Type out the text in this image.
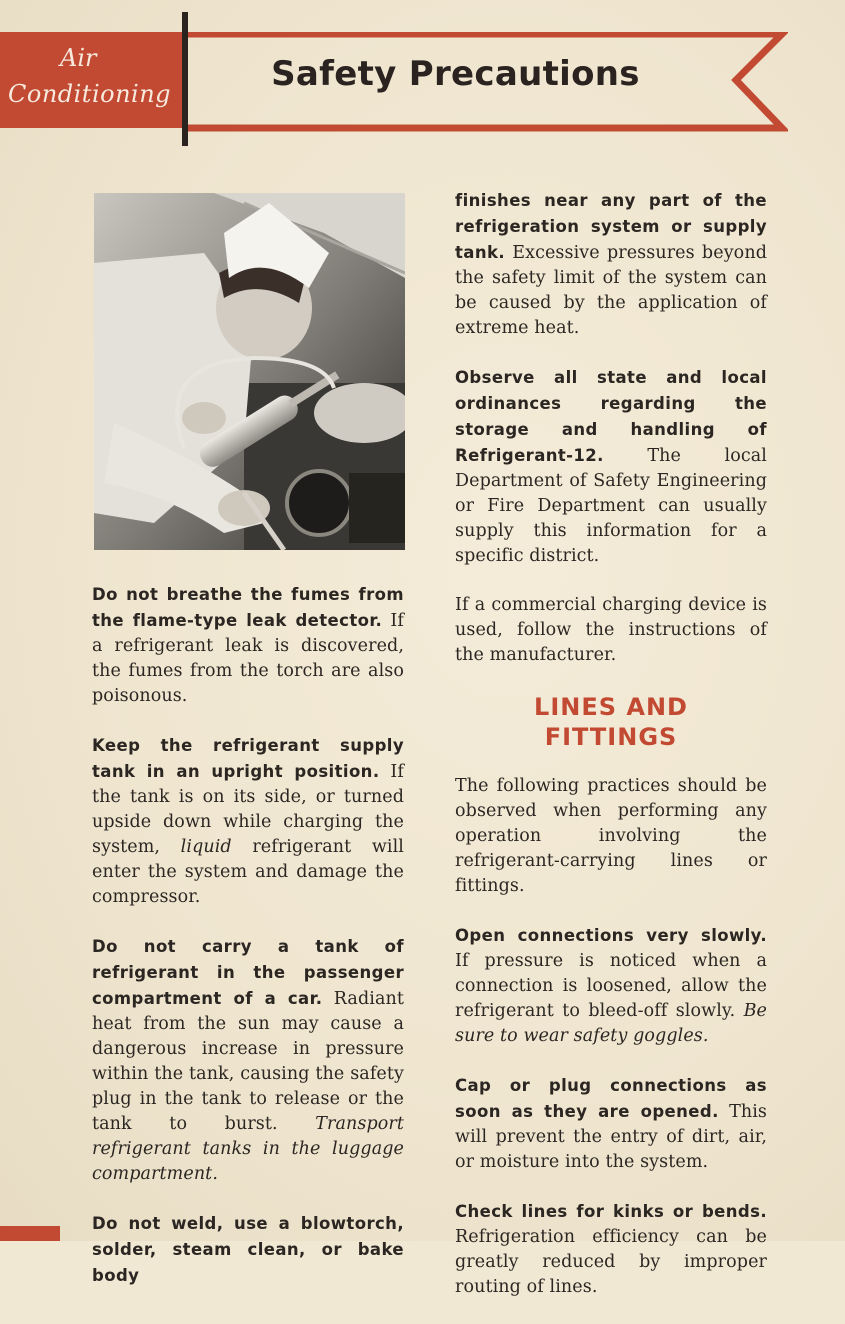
Air
Conditioning	Safety Precautions

Do not breathe the fumes from the flame-type leak detector. If a refrigerant leak is discovered, the fumes from the torch are also poisonous.

Keep the refrigerant supply tank in an upright position. If the tank is on its side, or turned upside down while charging the system, liquid refrigerant will enter the system and damage the compressor.

Do not carry a tank of refrigerant in the passenger compartment of a car. Radiant heat from the sun may cause a dangerous increase in pressure within the tank, causing the safety plug in the tank to release or the tank to burst. Transport refrigerant tanks in the luggage compartment.

Do not weld, use a blowtorch, solder, steam clean, or bake body

finishes near any part of the refrigeration system or supply tank. Excessive pressures beyond the safety limit of the system can be caused by the application of extreme heat.

Observe all state and local ordinances regarding the storage and handling of Refrigerant-12. The local Department of Safety Engineering or Fire Department can usually supply this information for a specific district.

If a commercial charging device is used, follow the instructions of the manufacturer.

LINES AND
FITTINGS

The following practices should be observed when performing any operation involving the refrigerant-carrying lines or fittings.

Open connections very slowly. If pressure is noticed when a connection is loosened, allow the refrigerant to bleed-off slowly. Be sure to wear safety goggles.

Cap or plug connections as soon as they are opened. This will prevent the entry of dirt, air, or moisture into the system.

Check lines for kinks or bends. Refrigeration efficiency can be greatly reduced by improper routing of lines.
